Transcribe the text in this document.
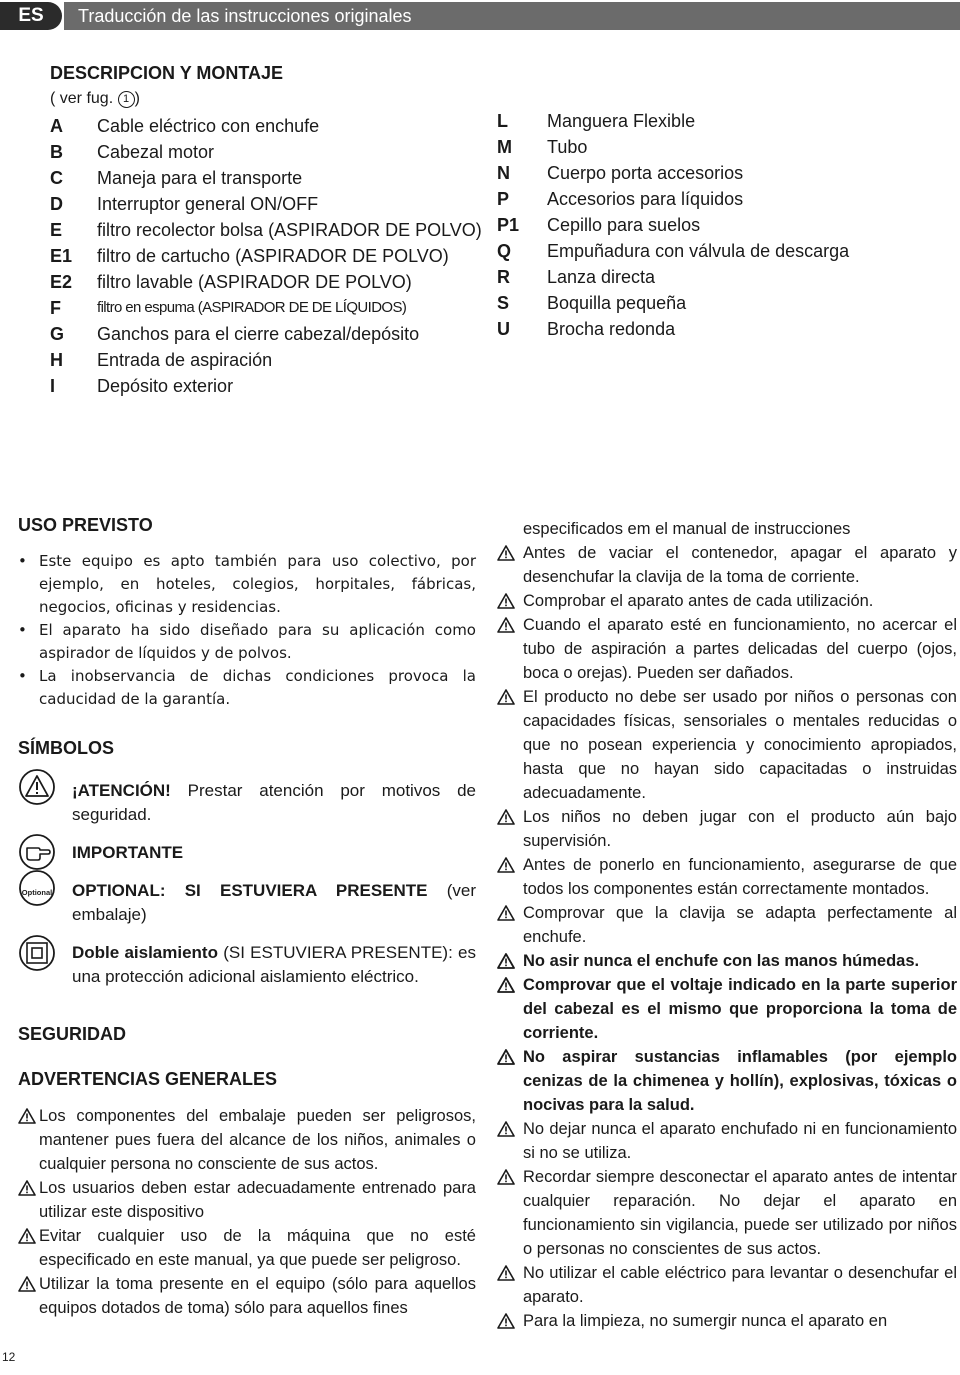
ES	Traducción de las instrucciones originales
DESCRIPCION Y MONTAJE
( ver fug. 1 )
A Cable eléctrico con enchufe
B Cabezal motor
C Maneja para el transporte
D Interruptor general ON/OFF
E filtro recolector bolsa (ASPIRADOR DE POLVO)
E1 filtro de cartucho (ASPIRADOR DE POLVO)
E2 filtro lavable (ASPIRADOR DE POLVO)
F filtro en espuma (ASPIRADOR DE DE LÍQUIDOS)
G Ganchos para el cierre cabezal/depósito
H Entrada de aspiración
I Depósito exterior
L Manguera Flexible
M Tubo
N Cuerpo porta accesorios
P Accesorios para líquidos
P1 Cepillo para suelos
Q Empuñadura con válvula de descarga
R Lanza directa
S Boquilla pequeña
U Brocha redonda
USO PREVISTO
• Este equipo es apto también para uso colectivo, por ejemplo, en hoteles, colegios, horpitales, fábricas, negocios, oficinas y residencias.
• El aparato ha sido diseñado para su aplicación como aspirador de líquidos y de polvos.
• La inobservancia de dichas condiciones provoca la caducidad de la garantía.
SÍMBOLOS
¡ATENCIÓN! Prestar atención por motivos de seguridad.
IMPORTANTE
Optional OPTIONAL: SI ESTUVIERA PRESENTE (ver embalaje)
Doble aislamiento (SI ESTUVIERA PRESENTE): es una protección adicional aislamiento eléctrico.
SEGURIDAD
ADVERTENCIAS GENERALES
Los componentes del embalaje pueden ser peligrosos, mantener pues fuera del alcance de los niños, animales o cualquier persona no consciente de sus actos.
Los usuarios deben estar adecuadamente entrenado para utilizar este dispositivo
Evitar cualquier uso de la máquina que no esté especificado en este manual, ya que puede ser peligroso.
Utilizar la toma presente en el equipo (sólo para aquellos equipos dotados de toma) sólo para aquellos fines
especificados em el manual de instrucciones
Antes de vaciar el contenedor, apagar el aparato y desenchufar la clavija de la toma de corriente.
Comprobar el aparato antes de cada utilización.
Cuando el aparato esté en funcionamiento, no acercar el tubo de aspiración a partes delicadas del cuerpo (ojos, boca o orejas). Pueden ser dañados.
El producto no debe ser usado por niños o personas con capacidades físicas, sensoriales o mentales reducidas o que no posean experiencia y conocimiento apropiados, hasta que no hayan sido capacitadas o instruidas adecuadamente.
Los niños no deben jugar con el producto aún bajo supervisión.
Antes de ponerlo en funcionamiento, asegurarse de que todos los componentes están correctamente montados.
Comprovar que la clavija se adapta perfectamente al enchufe.
No asir nunca el enchufe con las manos húmedas.
Comprovar que el voltaje indicado en la parte superior del cabezal es el mismo que proporciona la toma de corriente.
No aspirar sustancias inflamables (por ejemplo cenizas de la chimenea y hollín), explosivas, tóxicas o nocivas para la salud.
No dejar nunca el aparato enchufado ni en funcionamiento si no se utiliza.
Recordar siempre desconectar el aparato antes de intentar cualquier reparación. No dejar el aparato en funcionamiento sin vigilancia, puede ser utilizado por niños o personas no conscientes de sus actos.
No utilizar el cable eléctrico para levantar o desenchufar el aparato.
Para la limpieza, no sumergir nunca el aparato en
12
